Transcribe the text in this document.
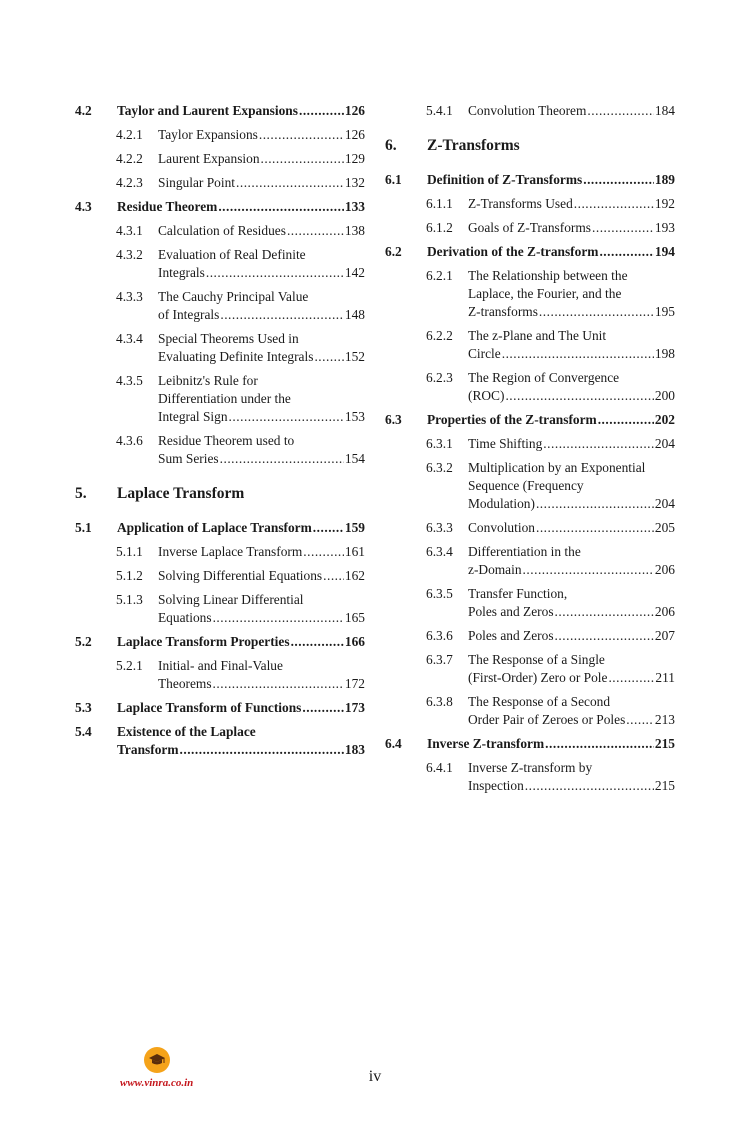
4.2 Taylor and Laurent Expansions .....	126
4.2.1 Taylor Expansions .....	126
4.2.2 Laurent Expansion .....	129
4.2.3 Singular Point .....	132
4.3 Residue Theorem .....	133
4.3.1 Calculation of Residues .....	138
4.3.2 Evaluation of Real Definite
Integrals .....	142
4.3.3 The Cauchy Principal Value
of Integrals .....	148
4.3.4 Special Theorems Used in
Evaluating Definite Integrals ..... 152
4.3.5 Leibnitz's Rule for
Differentiation under the
Integral Sign .....	153
4.3.6 Residue Theorem used to
Sum Series .....	154
5. Laplace Transform
5.1 Application of Laplace Transform ..... 159
5.1.1 Inverse Laplace Transform .....	161
5.1.2 Solving Differential Equations ..... 162
5.1.3 Solving Linear Differential
Equations .....	165
5.2 Laplace Transform Properties .....	166
5.2.1 Initial- and Final-Value
Theorems .....	172
5.3 Laplace Transform of Functions .....	173
5.4 Existence of the Laplace
Transform .....	183
5.4.1 Convolution Theorem .....	184
6. Z-Transforms
6.1 Definition of Z-Transforms .....	189
6.1.1 Z-Transforms Used .....	192
6.1.2 Goals of Z-Transforms .....	193
6.2 Derivation of the Z-transform .....	194
6.2.1 The Relationship between the
Laplace, the Fourier, and the
Z-transforms .....	195
6.2.2 The z-Plane and The Unit
Circle .....	198
6.2.3 The Region of Convergence
(ROC) .....	200
6.3 Properties of the Z-transform .....	202
6.3.1 Time Shifting .....	204
6.3.2 Multiplication by an Exponential
Sequence (Frequency
Modulation) .....	204
6.3.3 Convolution .....	205
6.3.4 Differentiation in the
z-Domain .....	206
6.3.5 Transfer Function,
Poles and Zeros .....	206
6.3.6 Poles and Zeros .....	207
6.3.7 The Response of a Single
(First-Order) Zero or Pole .....	211
6.3.8 The Response of a Second
Order Pair of Zeroes or Poles ..... 213
6.4 Inverse Z-transform .....	215
6.4.1 Inverse Z-transform by
Inspection .....	215
www.vinra.co.in	iv
